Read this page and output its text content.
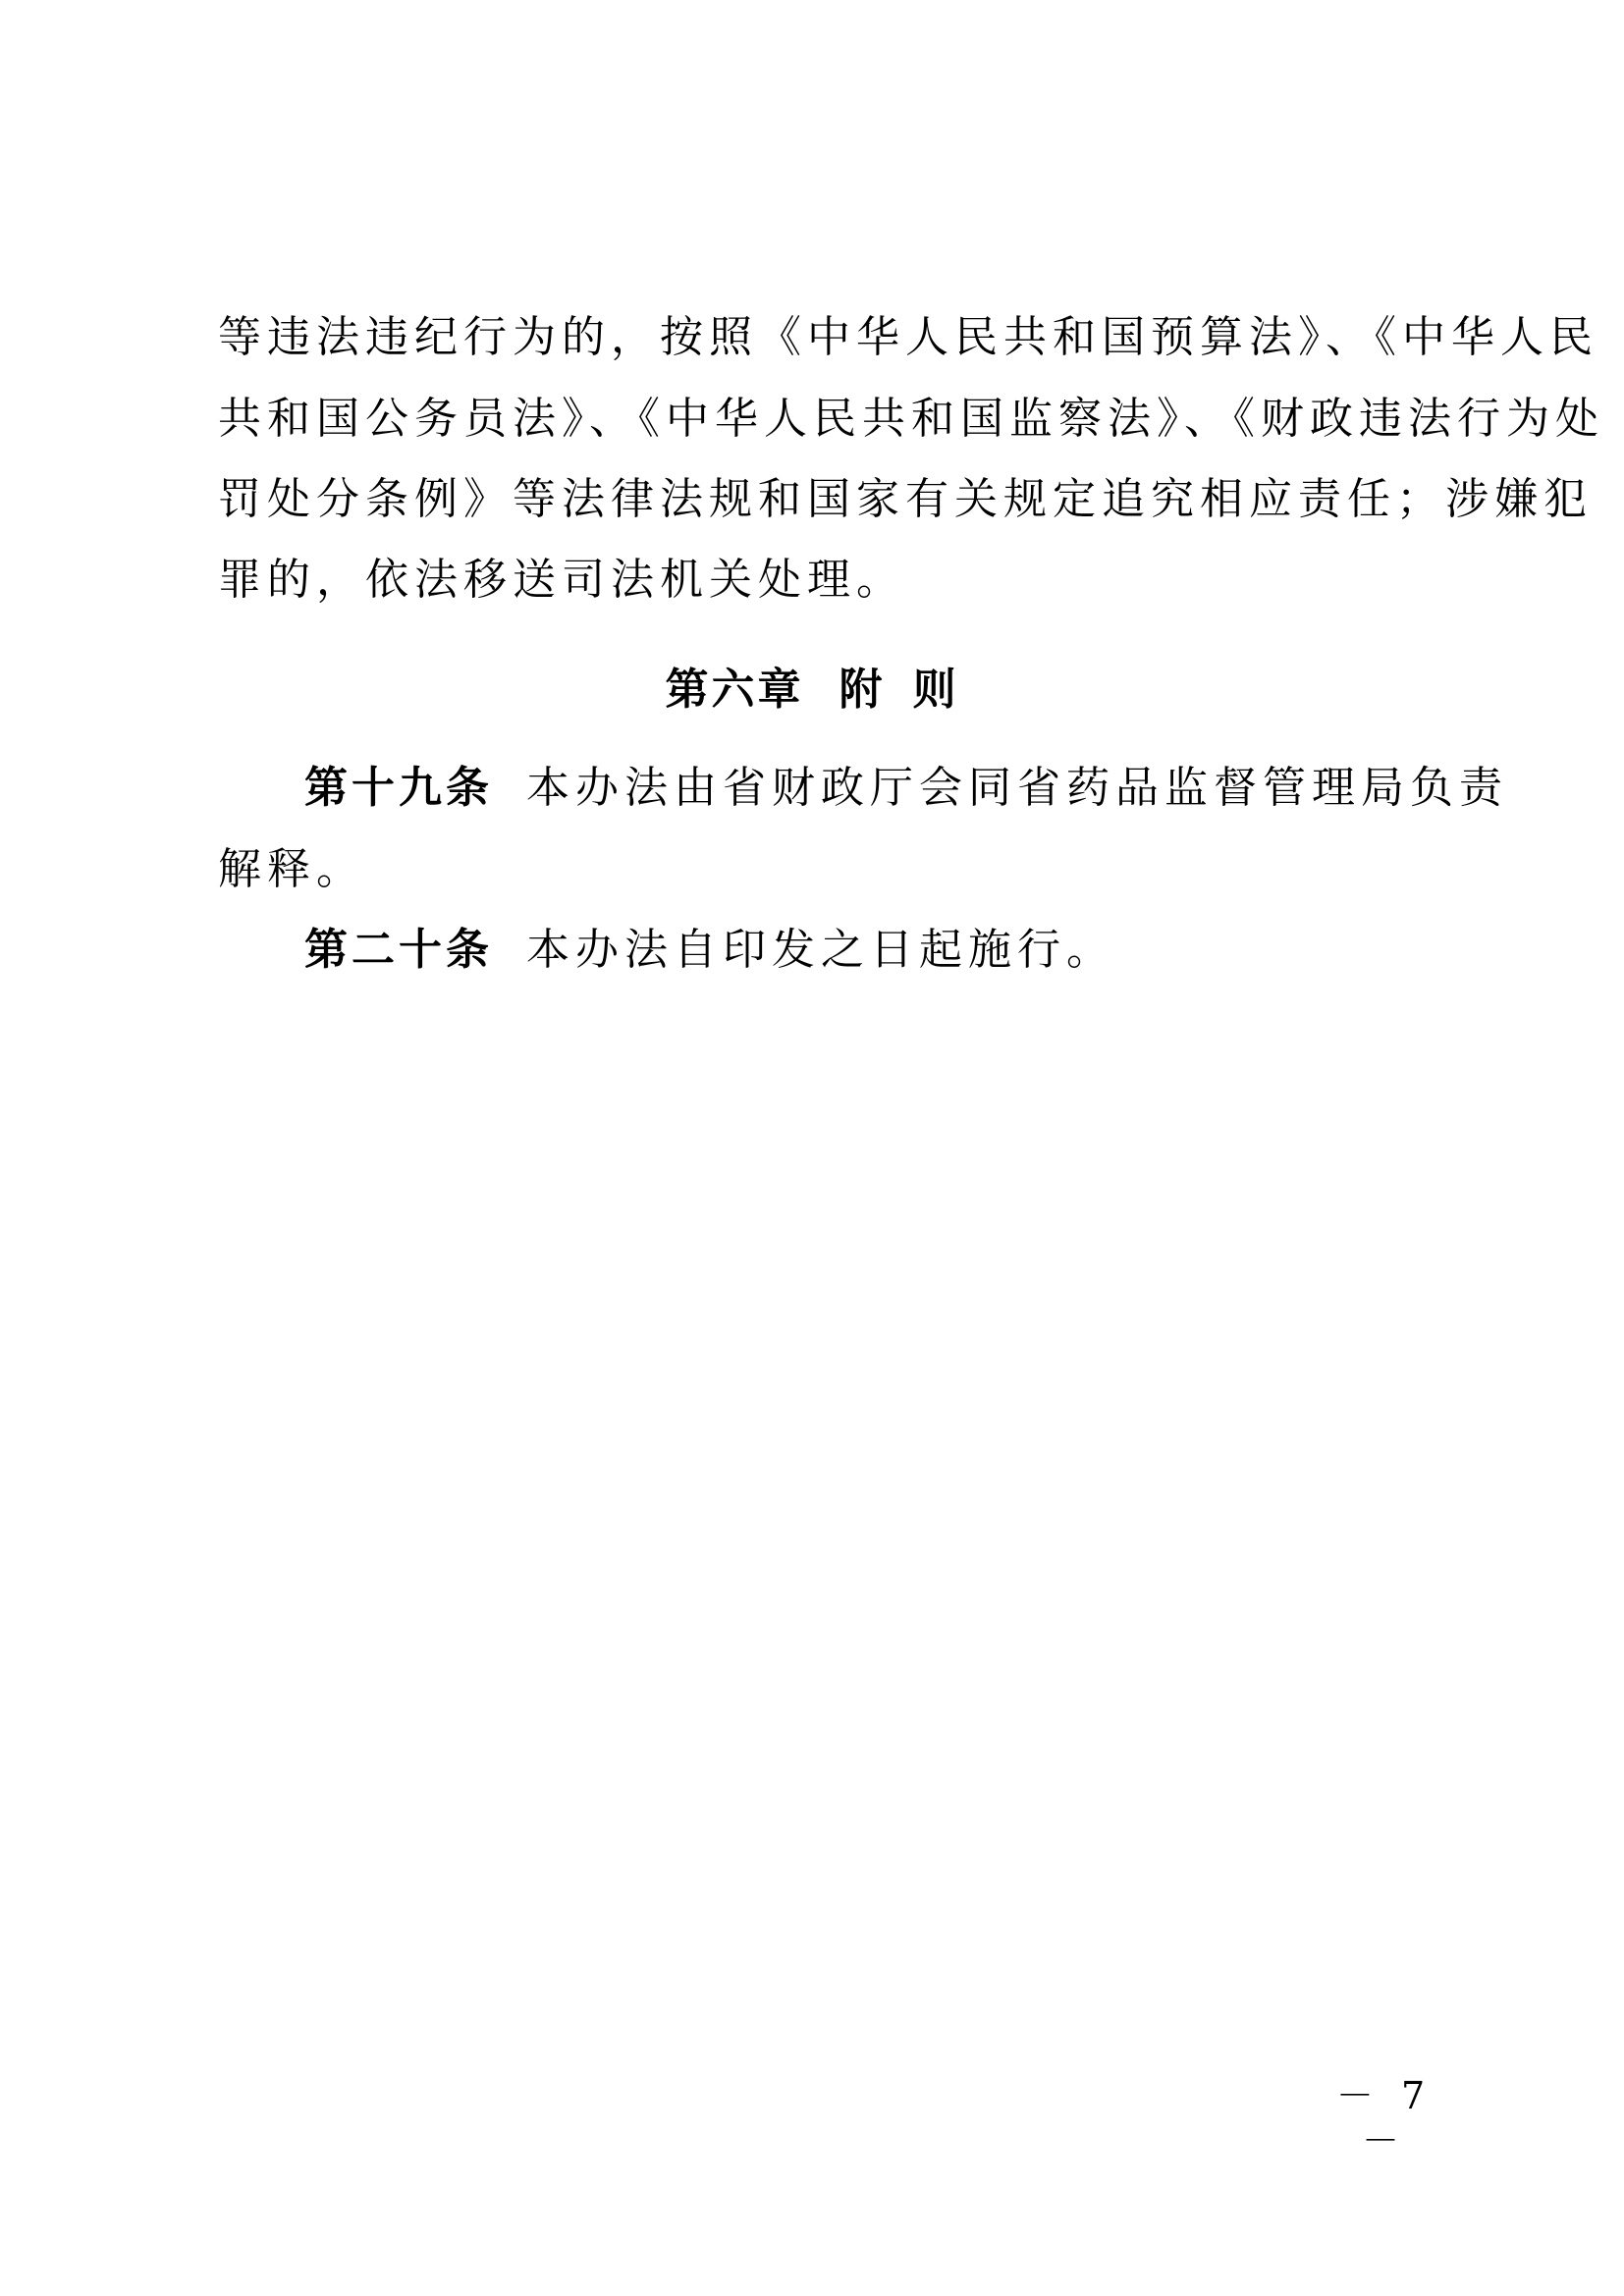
等违法违纪行为的，按照《中华人民共和国预算法》、《中华人民
共和国公务员法》、《中华人民共和国监察法》、《财政违法行为处
罚处分条例》等法律法规和国家有关规定追究相应责任；涉嫌犯
罪的，依法移送司法机关处理。
第六章 附 则
第十九条 本办法由省财政厅会同省药品监督管理局负责
解释。
第二十条 本办法自印发之日起施行。
－ 7 －
